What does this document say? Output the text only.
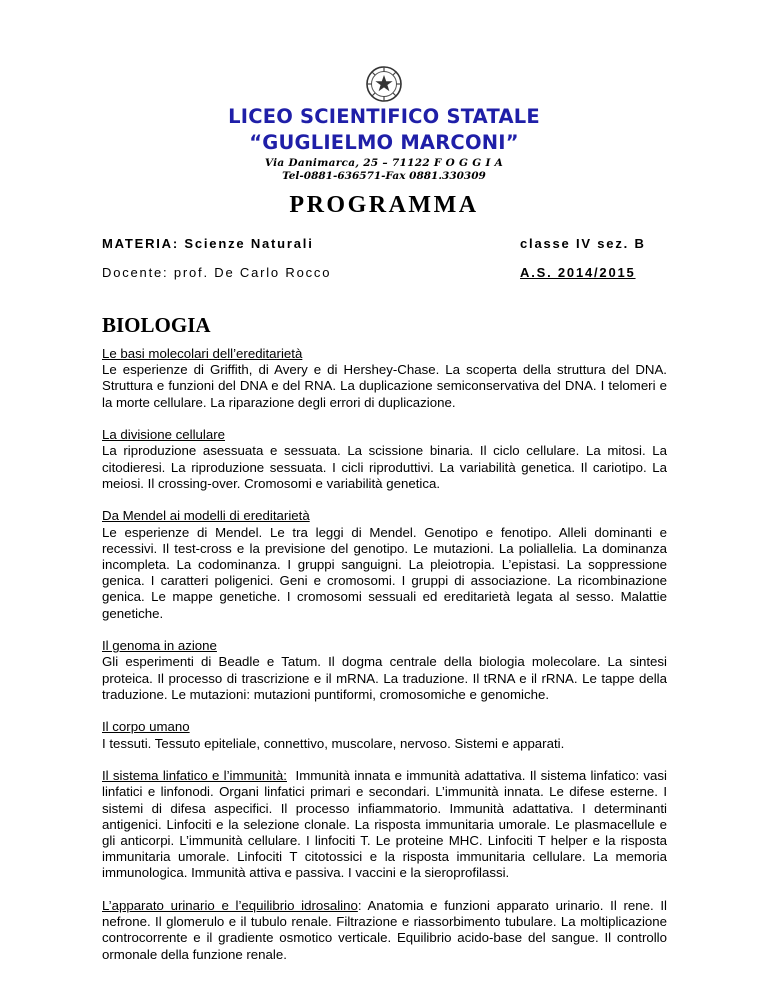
LICEO SCIENTIFICO STATALE
“GUGLIELMO MARCONI”
Via Danimarca, 25 – 71122 F O G G I A
Tel-0881-636571-Fax 0881.330309
PROGRAMMA
MATERIA: Scienze Naturali	classe IV sez. B
Docente: prof. De Carlo Rocco	A.S. 2014/2015
BIOLOGIA

Le basi molecolari dell’ereditarietà
Le esperienze di Griffith, di Avery e di Hershey-Chase. La scoperta della struttura del DNA. Struttura e funzioni del DNA e del RNA. La duplicazione semiconservativa del DNA. I telomeri e la morte cellulare. La riparazione degli errori di duplicazione.

La divisione cellulare
La riproduzione asessuata e sessuata. La scissione binaria. Il ciclo cellulare. La mitosi. La citodieresi. La riproduzione sessuata. I cicli riproduttivi. La variabilità genetica. Il cariotipo. La meiosi. Il crossing-over. Cromosomi e variabilità genetica.

Da Mendel ai modelli di ereditarietà
Le esperienze di Mendel. Le tra leggi di Mendel. Genotipo e fenotipo. Alleli dominanti e recessivi. Il test-cross e la previsione del genotipo. Le mutazioni. La poliallelia. La dominanza incompleta. La codominanza. I gruppi sanguigni. La pleiotropia. L’epistasi. La soppressione genica. I caratteri poligenici. Geni e cromosomi. I gruppi di associazione. La ricombinazione genica. Le mappe genetiche. I cromosomi sessuali ed ereditarietà legata al sesso. Malattie genetiche.

Il genoma in azione
Gli esperimenti di Beadle e Tatum. Il dogma centrale della biologia molecolare. La sintesi proteica. Il processo di trascrizione e il mRNA. La traduzione. Il tRNA e il rRNA. Le tappe della traduzione. Le mutazioni: mutazioni puntiformi, cromosomiche e genomiche.

Il corpo umano
I tessuti. Tessuto epiteliale, connettivo, muscolare, nervoso. Sistemi e apparati.

Il sistema linfatico e l’immunità: Immunità innata e immunità adattativa. Il sistema linfatico: vasi linfatici e linfonodi. Organi linfatici primari e secondari. L’immunità innata. Le difese esterne. I sistemi di difesa aspecifici. Il processo infiammatorio. Immunità adattativa. I determinanti antigenici. Linfociti e la selezione clonale. La risposta immunitaria umorale. Le plasmacellule e gli anticorpi. L’immunità cellulare. I linfociti T. Le proteine MHC. Linfociti T helper e la risposta immunitaria umorale. Linfociti T citotossici e la risposta immunitaria cellulare. La memoria immunologica. Immunità attiva e passiva. I vaccini e la sieroprofilassi.

L’apparato urinario e l’equilibrio idrosalino: Anatomia e funzioni apparato urinario. Il rene. Il nefrone. Il glomerulo e il tubulo renale. Filtrazione e riassorbimento tubulare. La moltiplicazione controcorrente e il gradiente osmotico verticale. Equilibrio acido-base del sangue. Il controllo ormonale della funzione renale.
